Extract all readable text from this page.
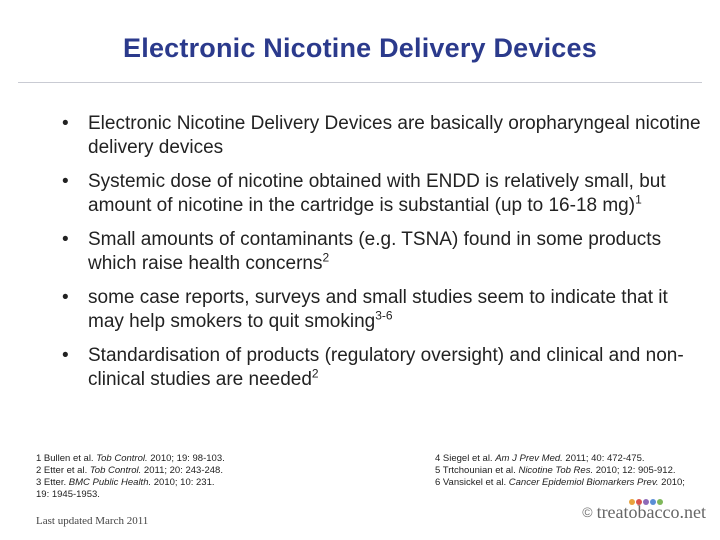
Electronic Nicotine Delivery Devices
• Electronic Nicotine Delivery Devices are basically oropharyngeal nicotine delivery devices
• Systemic dose of nicotine obtained with ENDD is relatively small, but amount of nicotine in the cartridge is substantial (up to 16-18 mg)$^1$
• Small amounts of contaminants (e.g. TSNA) found in some products which raise health concerns$^2$
• some case reports, surveys and small studies seem to indicate that it may help smokers to quit smoking$^{3-6}$
• Standardisation of products (regulatory oversight) and clinical and non-clinical studies are needed$^2$
1 Bullen et al. Tob Control. 2010; 19: 98-103.
2 Etter et al. Tob Control. 2011; 20: 243-248.
3 Etter. BMC Public Health. 2010; 10: 231.
19: 1945-1953.
4 Siegel et al. Am J Prev Med. 2011; 40: 472-475.
5 Trtchounian et al. Nicotine Tob Res. 2010; 12: 905-912.
6 Vansickel et al. Cancer Epidemiol Biomarkers Prev. 2010;
Last updated March 2011
© treatobacco.net
